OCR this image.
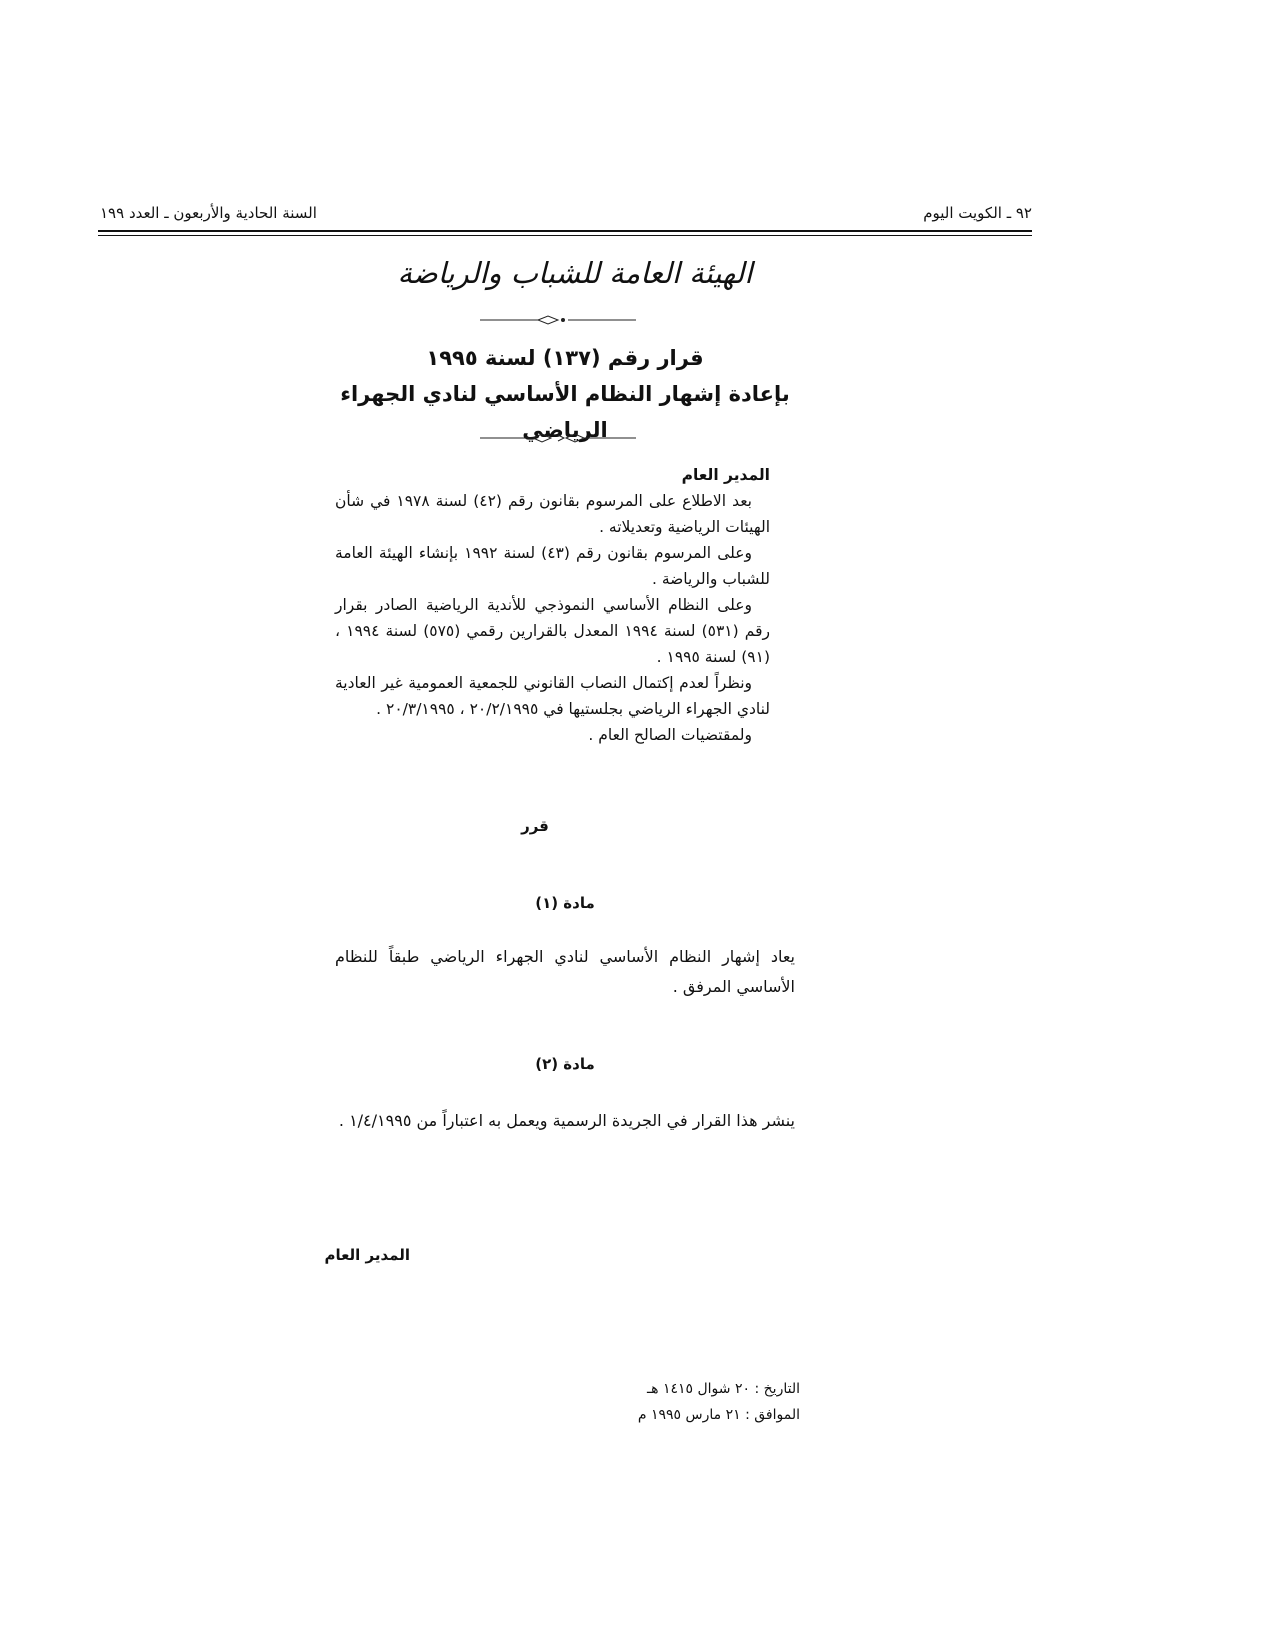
السنة الحادية والأربعون ـ العدد ١٩٩	٩٢ ـ الكويت اليوم
الهيئة العامة للشباب والرياضة
قرار رقم (١٣٧) لسنة ١٩٩٥
بإعادة إشهار النظام الأساسي لنادي الجهراء الرياضي

المدير العام

بعد الاطلاع على المرسوم بقانون رقم (٤٢) لسنة ١٩٧٨ في شأن الهيئات الرياضية وتعديلاته .

وعلى المرسوم بقانون رقم (٤٣) لسنة ١٩٩٢ بإنشاء الهيئة العامة للشباب والرياضة .

وعلى النظام الأساسي النموذجي للأندية الرياضية الصادر بقرار رقم (٥٣١) لسنة ١٩٩٤ المعدل بالقرارين رقمي (٥٧٥) لسنة ١٩٩٤ ، (٩١) لسنة ١٩٩٥ .

ونظراً لعدم إكتمال النصاب القانوني للجمعية العمومية غير العادية لنادي الجهراء الرياضي بجلستيها في ٢٠/٢/١٩٩٥ ، ٢٠/٣/١٩٩٥ .

ولمقتضيات الصالح العام .

قرر
مادة (١)
يعاد إشهار النظام الأساسي لنادي الجهراء الرياضي طبقاً للنظام الأساسي المرفق .
مادة (٢)
ينشر هذا القرار في الجريدة الرسمية ويعمل به اعتباراً من ١/٤/١٩٩٥ .
المدير العام
التاريخ : ٢٠ شوال ١٤١٥ هـ
الموافق : ٢١ مارس ١٩٩٥ م
